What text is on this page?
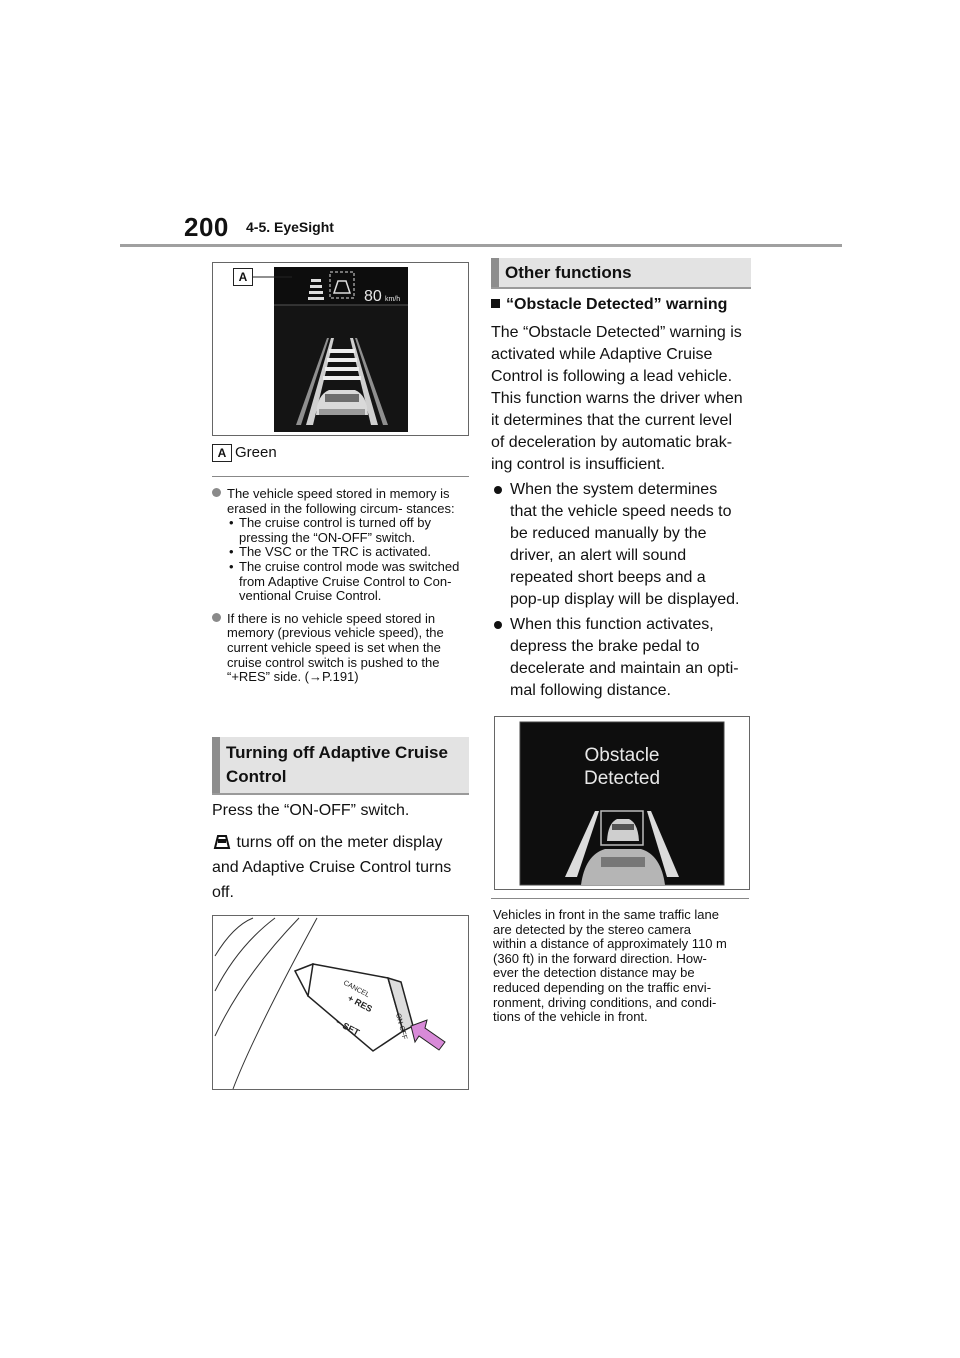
200 4-5. EyeSight
80 km/h
A
A Green
The vehicle speed stored in memory is erased in the following circum- stances:
• The cruise control is turned off by pressing the “ON-OFF” switch.
• The VSC or the TRC is activated.
• The cruise control mode was switched from Adaptive Cruise Control to Con- ventional Cruise Control.
If there is no vehicle speed stored in memory (previous vehicle speed), the current vehicle speed is set when the cruise control switch is pushed to the “+RES” side. (→P.191)
Turning off Adaptive Cruise
Control
Press the “ON-OFF” switch.
turns off on the meter display
and Adaptive Cruise Control turns
off.
CANCEL
+ RES
− SET	ON-OFF
Other functions
“Obstacle Detected” warning
The “Obstacle Detected” warning is
activated while Adaptive Cruise
Control is following a lead vehicle.
This function warns the driver when
it determines that the current level
of deceleration by automatic brak-
ing control is insufficient.
When the system determines
that the vehicle speed needs to
be reduced manually by the
driver, an alert will sound
repeated short beeps and a
pop-up display will be displayed.
When this function activates,
depress the brake pedal to
decelerate and maintain an opti-
mal following distance.
Obstacle
Detected
Vehicles in front in the same traffic lane
are detected by the stereo camera
within a distance of approximately 110 m
(360 ft) in the forward direction. How-
ever the detection distance may be
reduced depending on the traffic envi-
ronment, driving conditions, and condi-
tions of the vehicle in front.
